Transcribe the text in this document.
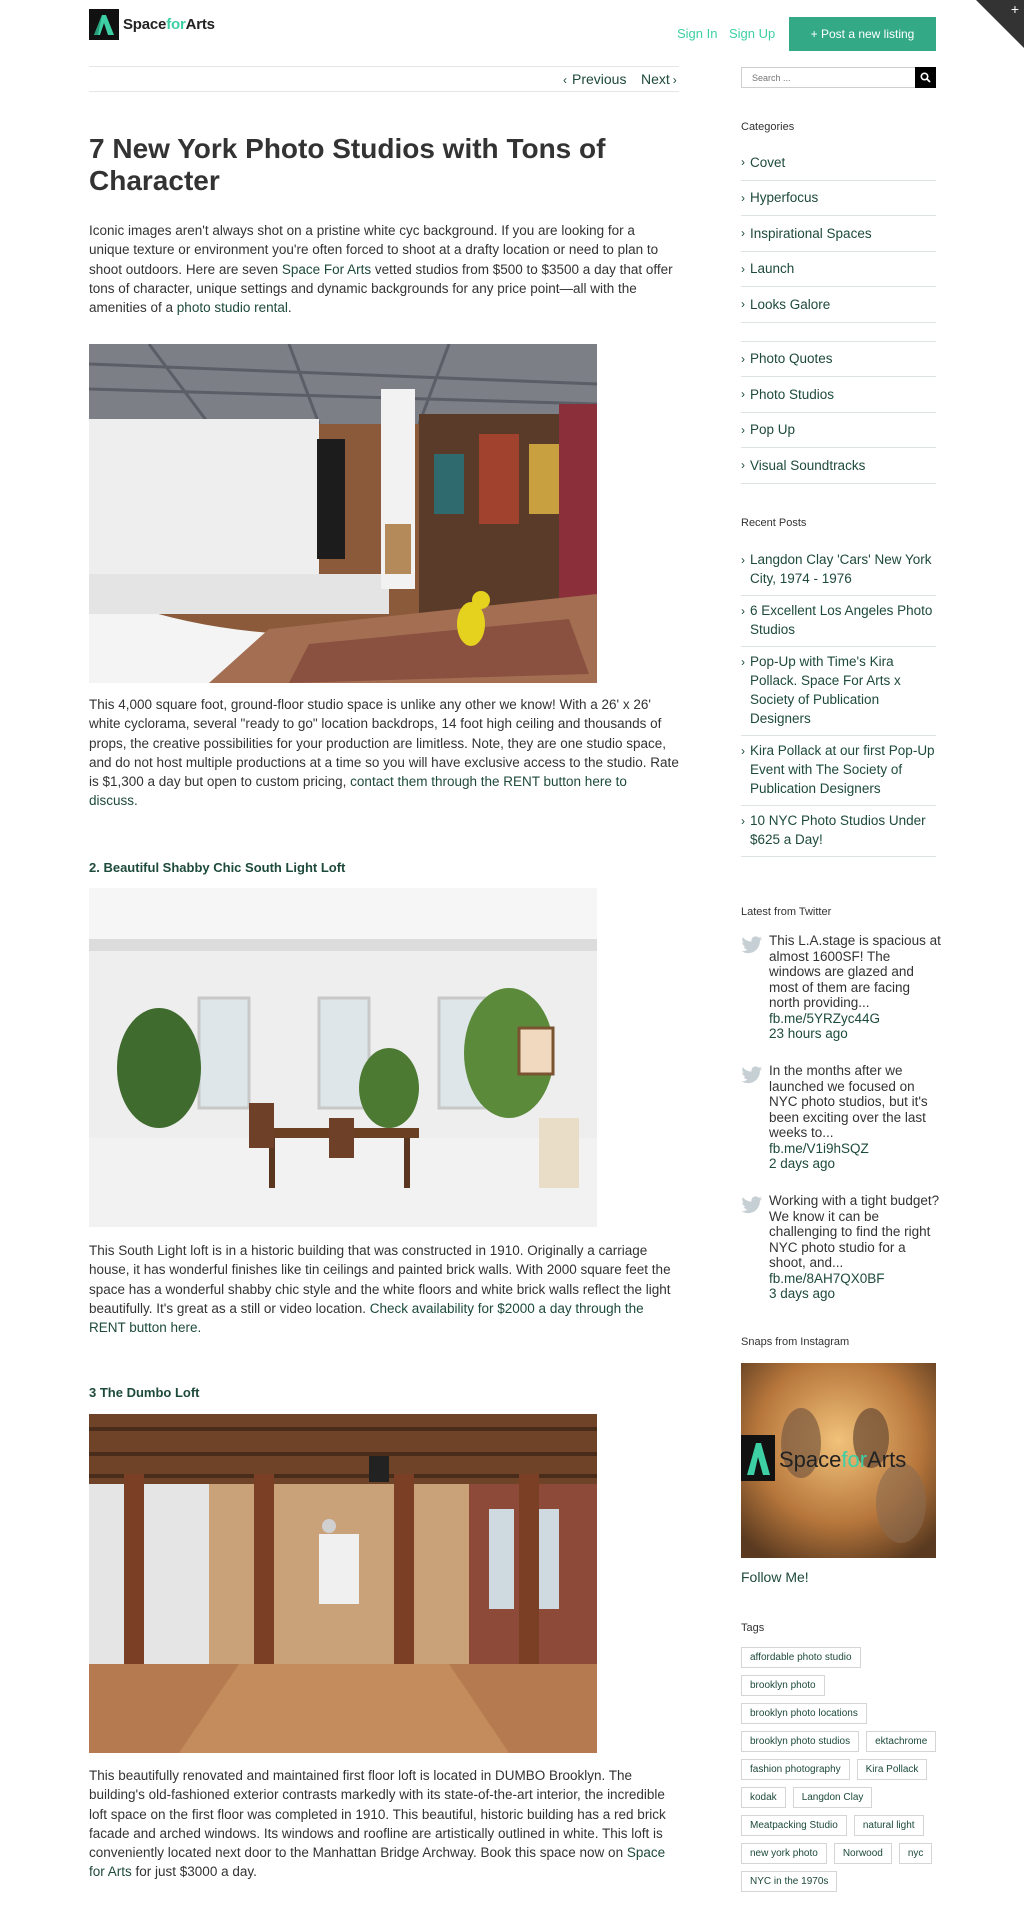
+
SpaceforArts
Sign In Sign Up	+ Post a new listing
‹ Previous Next ›
7 New York Photo Studios with Tons of Character

Iconic images aren't always shot on a pristine white cyc background. If you are looking for a unique texture or environment you're often forced to shoot at a drafty location or need to plan to shoot outdoors. Here are seven Space For Arts vetted studios from $500 to $3500 a day that offer tons of character, unique settings and dynamic backgrounds for any price point—all with the amenities of a photo studio rental.

This 4,000 square foot, ground-floor studio space is unlike any other we know! With a 26' x 26' white cyclorama, several "ready to go" location backdrops, 14 foot high ceiling and thousands of props, the creative possibilities for your production are limitless. Note, they are one studio space, and do not host multiple productions at a time so you will have exclusive access to the studio. Rate is $1,300 a day but open to custom pricing, contact them through the RENT button here to discuss.

2. Beautiful Shabby Chic South Light Loft

This South Light loft is in a historic building that was constructed in 1910. Originally a carriage house, it has wonderful finishes like tin ceilings and painted brick walls. With 2000 square feet the space has a wonderful shabby chic style and the white floors and white brick walls reflect the light beautifully. It's great as a still or video location. Check availability for $2000 a day through the RENT button here.

3 The Dumbo Loft

This beautifully renovated and maintained first floor loft is located in DUMBO Brooklyn. The building's old-fashioned exterior contrasts markedly with its state-of-the-art interior, the incredible loft space on the first floor was completed in 1910. This beautiful, historic building has a red brick facade and arched windows. Its windows and roofline are artistically outlined in white. This loft is conveniently located next door to the Manhattan Bridge Archway. Book this space now on Space for Arts for just $3000 a day.

Search ...
Categories
› Covet
› Hyperfocus
› Inspirational Spaces
› Launch
› Looks Galore
› Photo Quotes
› Photo Studios
› Pop Up
› Visual Soundtracks
Recent Posts
› Langdon Clay 'Cars' New York City, 1974 - 1976
› 6 Excellent Los Angeles Photo Studios
› Pop-Up with Time's Kira Pollack. Space For Arts x Society of Publication Designers
› Kira Pollack at our first Pop-Up Event with The Society of Publication Designers
› 10 NYC Photo Studios Under $625 a Day!
Latest from Twitter
This L.A.stage is spacious at almost 1600SF! The windows are glazed and most of them are facing north providing...
fb.me/5YRZyc44G
23 hours ago
In the months after we launched we focused on NYC photo studios, but it's been exciting over the last weeks to...
fb.me/V1i9hSQZ
2 days ago
Working with a tight budget? We know it can be challenging to find the right NYC photo studio for a shoot, and...
fb.me/8AH7QX0BF
3 days ago
Snaps from Instagram
SpaceforArts
Follow Me!
Tags
affordable photo studio
brooklyn photo
brooklyn photo locations
brooklyn photo studios	ektachrome
fashion photography	Kira Pollack
kodak	Langdon Clay
Meatpacking Studio	natural light
new york photo	Norwood	nyc
NYC in the 1970s
